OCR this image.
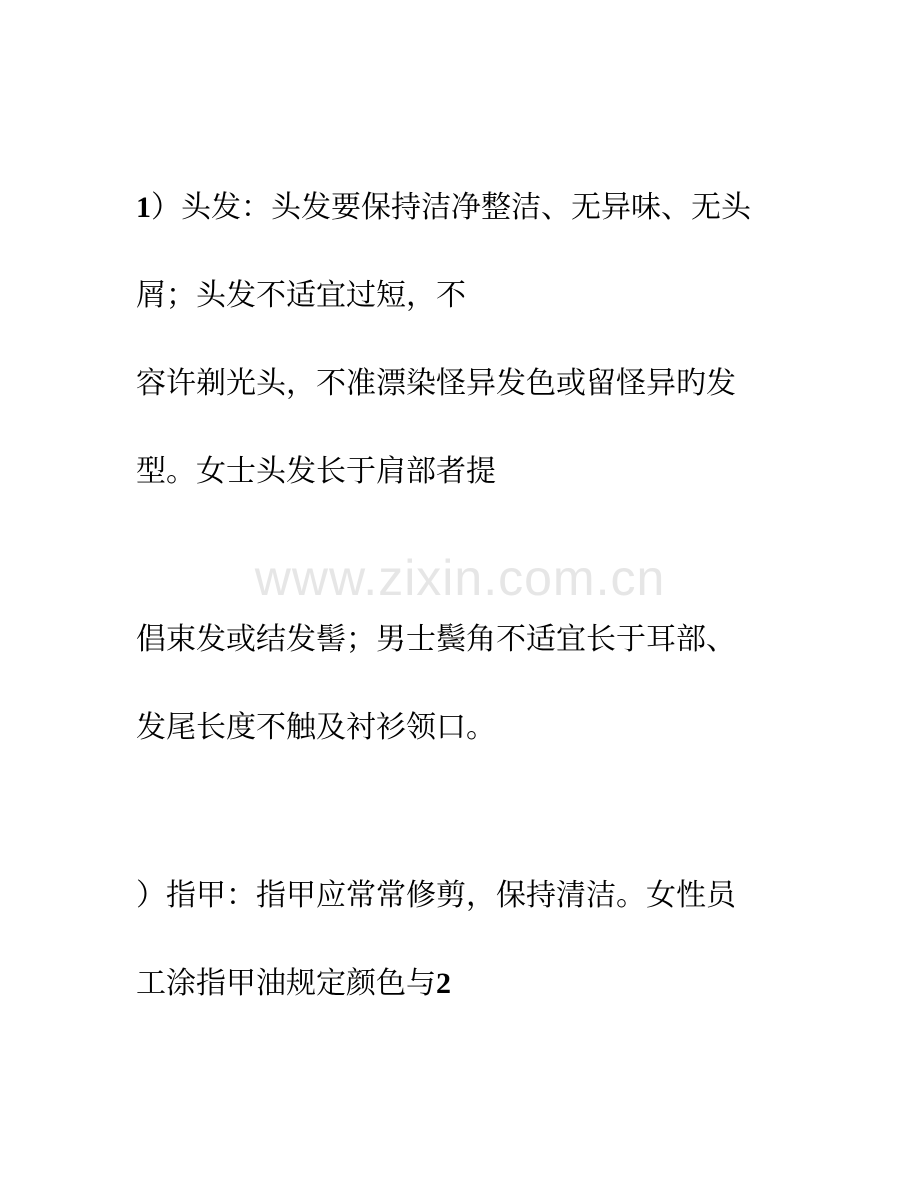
1）头发：头发要保持洁净整洁、无异味、无头
屑；头发不适宜过短，不
容许剃光头，不准漂染怪异发色或留怪异旳发
型。女士头发长于肩部者提
www.zixin.com.cn
倡束发或结发髻；男士鬓角不适宜长于耳部、
发尾长度不触及衬衫领口。
）指甲：指甲应常常修剪，保持清洁。女性员
工涂指甲油规定颜色与2
